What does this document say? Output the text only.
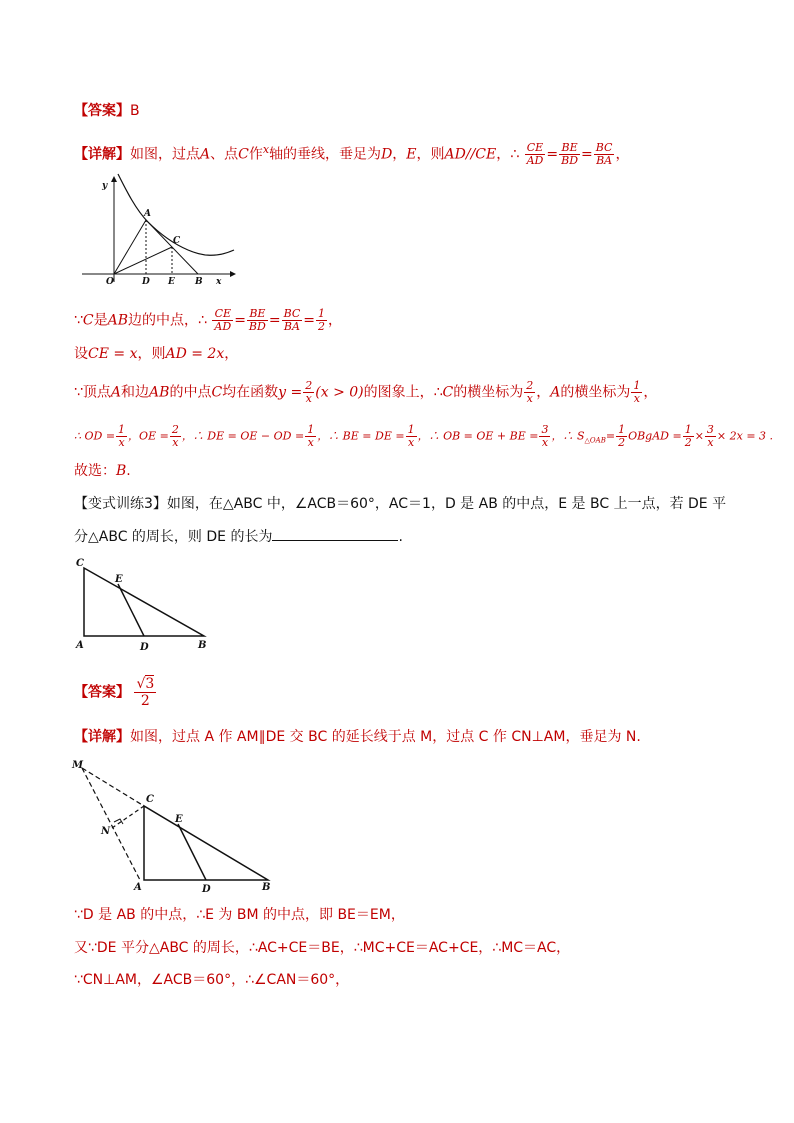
【答案】B
【详解】如图，过点A、点C作$^x$轴的垂线，垂足为D，E，则AD//CE，∴ $\frac{CE}{AD} = \frac{BE}{BD} = \frac{BC}{BA}$ ，
y
A
C
O	D E B x
∵C是AB边的中点，∴ $\frac{CE}{AD} = \frac{BE}{BD} = \frac{BC}{BA} = \frac{1}{2}$ ，
设CE = x，则AD = 2x，
∵顶点A和边AB的中点C均在函数$y = \frac{2}{x} (x > 0)$的图象上，∴C的横坐标为 $\frac{2}{x}$ ，A的横坐标为 $\frac{1}{x}$ ，
∴ OD = $\frac{1}{x}$ ，OE = $\frac{2}{x}$ ，∴ DE = OE − OD = $\frac{1}{x}$ ，∴ BE = DE = $\frac{1}{x}$ ，∴ OB = OE + BE = $\frac{3}{x}$ ，∴ $S_{\triangle OAB}= \frac{1}{2}$ OBgAD = $\frac{1}{2} \times \frac{3}{x} \times 2x = 3$ .
故选：B.
【变式训练3】如图，在△ABC 中，∠ACB＝60°，AC＝1，D 是 AB 的中点，E 是 BC 上一点，若 DE 平
分△ABC 的周长，则 DE 的长为	.
C
E
A	D	B
【答案】 $\frac{√3}{2}$
【详解】如图，过点 A 作 AM∥DE 交 BC 的延长线于点 M，过点 C 作 CN⊥AM，垂足为 N.
M
C
E
N
A	D	B
∵D 是 AB 的中点，∴E 为 BM 的中点，即 BE＝EM，
又∵DE 平分△ABC 的周长，∴AC+CE＝BE，∴MC+CE＝AC+CE，∴MC＝AC，
∵CN⊥AM，∠ACB＝60°，∴∠CAN＝60°，
